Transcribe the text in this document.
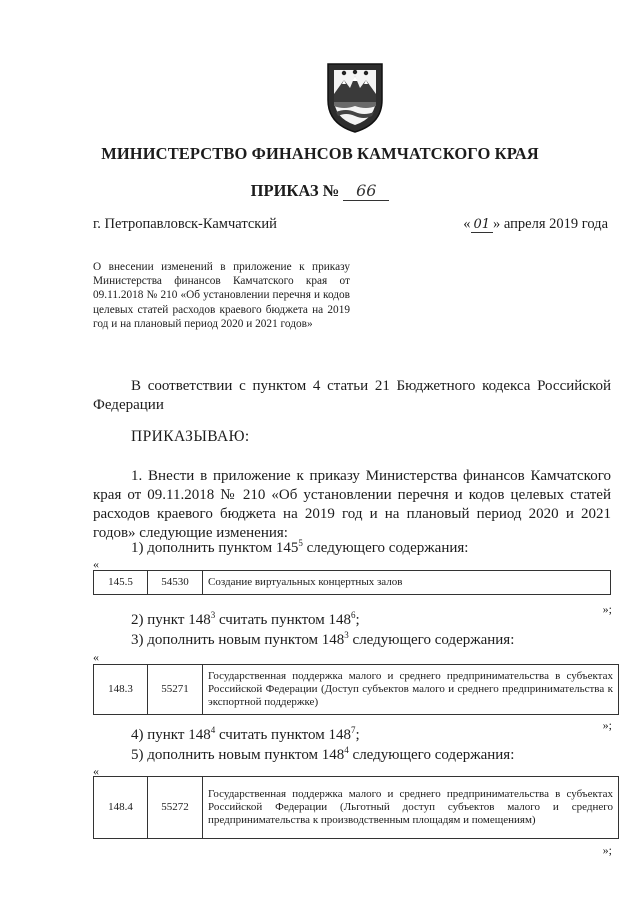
МИНИСТЕРСТВО ФИНАНСОВ КАМЧАТСКОГО КРАЯ
ПРИКАЗ № 66
г. Петропавловск-Камчатский	« 01 » апреля 2019 года
О внесении изменений в приложение к приказу Министерства финансов Камчатского края от 09.11.2018 № 210 «Об установлении перечня и кодов целевых статей расходов краевого бюджета на 2019 год и на плановый период 2020 и 2021 годов»
В соответствии с пунктом 4 статьи 21 Бюджетного кодекса Российской Федерации
ПРИКАЗЫВАЮ:
1. Внести в приложение к приказу Министерства финансов Камчатского края от 09.11.2018 № 210 «Об установлении перечня и кодов целевых статей расходов краевого бюджета на 2019 год и на плановый период 2020 и 2021 годов» следующие изменения:
1) дополнить пунктом $145^5$ следующего содержания:
«
145.5	54530	Создание виртуальных концертных залов
»;
2) пункт $148^3$ считать пунктом $148^6$;
3) дополнить новым пунктом $148^3$ следующего содержания:
«
148.3	55271	Государственная поддержка малого и среднего предпринимательства в субъектах Российской Федерации (Доступ субъектов малого и среднего предпринимательства к экспортной поддержке)
»;
4) пункт $148^4$ считать пунктом $148^7$;
5) дополнить новым пунктом $148^4$ следующего содержания:
«
148.4	55272	Государственная поддержка малого и среднего предпринимательства в субъектах Российской Федерации (Льготный доступ субъектов малого и среднего предпринимательства к производственным площадям и помещениям)
»;
